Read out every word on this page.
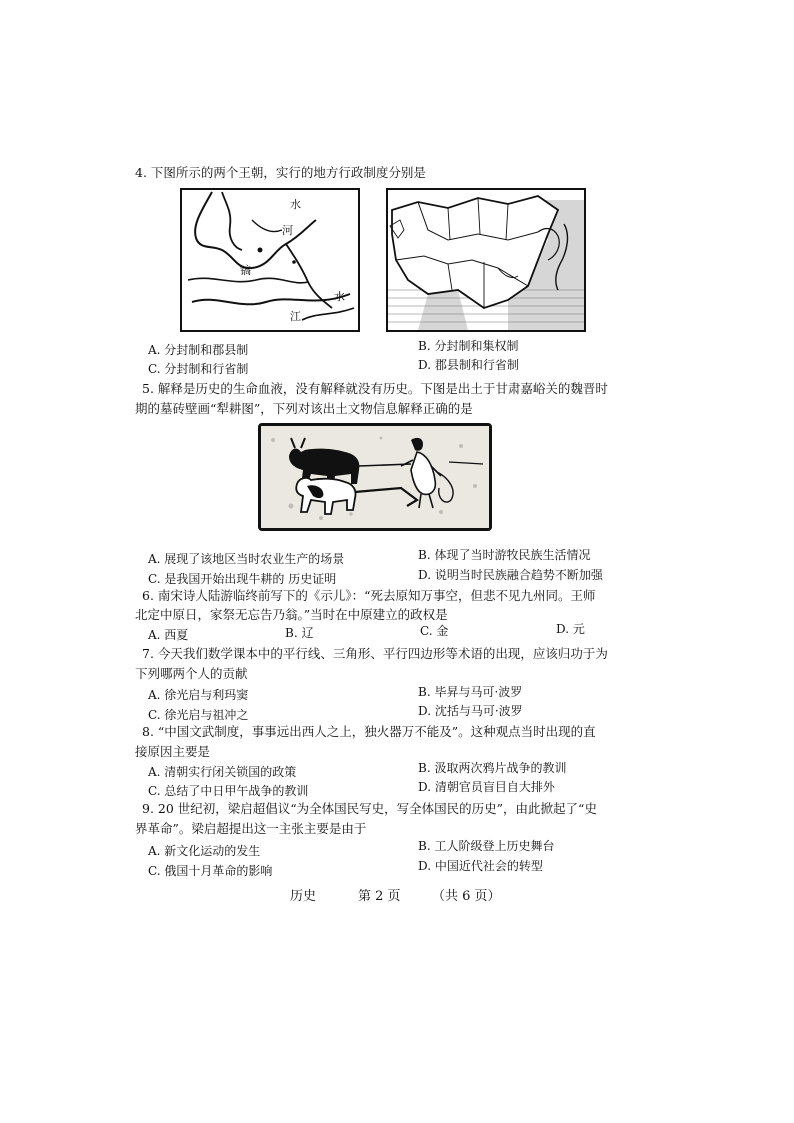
4. 下图所示的两个王朝，实行的地方行政制度分别是
水
河
镐
水
江
A. 分封制和郡县制	B. 分封制和集权制
C. 分封制和行省制	D. 郡县制和行省制
5. 解释是历史的生命血液，没有解释就没有历史。下图是出土于甘肃嘉峪关的魏晋时
期的墓砖壁画“犁耕图”，下列对该出土文物信息解释正确的是
A. 展现了该地区当时农业生产的场景	B. 体现了当时游牧民族生活情况
C. 是我国开始出现牛耕的 历史证明	D. 说明当时民族融合趋势不断加强
6. 南宋诗人陆游临终前写下的《示儿》：“死去原知万事空，但悲不见九州同。王师
北定中原日，家祭无忘告乃翁。”当时在中原建立的政权是
A. 西夏	B. 辽	C. 金	D. 元
7. 今天我们数学课本中的平行线、三角形、平行四边形等术语的出现，应该归功于为
下列哪两个人的贡献
A. 徐光启与利玛窦	B. 毕昇与马可·波罗
C. 徐光启与祖冲之	D. 沈括与马可·波罗
8. “中国文武制度，事事远出西人之上，独火器万不能及”。这种观点当时出现的直
接原因主要是
A. 清朝实行闭关锁国的政策	B. 汲取两次鸦片战争的教训
C. 总结了中日甲午战争的教训	D. 清朝官员盲目自大排外
9. 20 世纪初，梁启超倡议“为全体国民写史，写全体国民的历史”，由此掀起了“史
界革命”。梁启超提出这一主张主要是由于
A. 新文化运动的发生	B. 工人阶级登上历史舞台
C. 俄国十月革命的影响	D. 中国近代社会的转型
历史	第 2 页 （共 6 页）
